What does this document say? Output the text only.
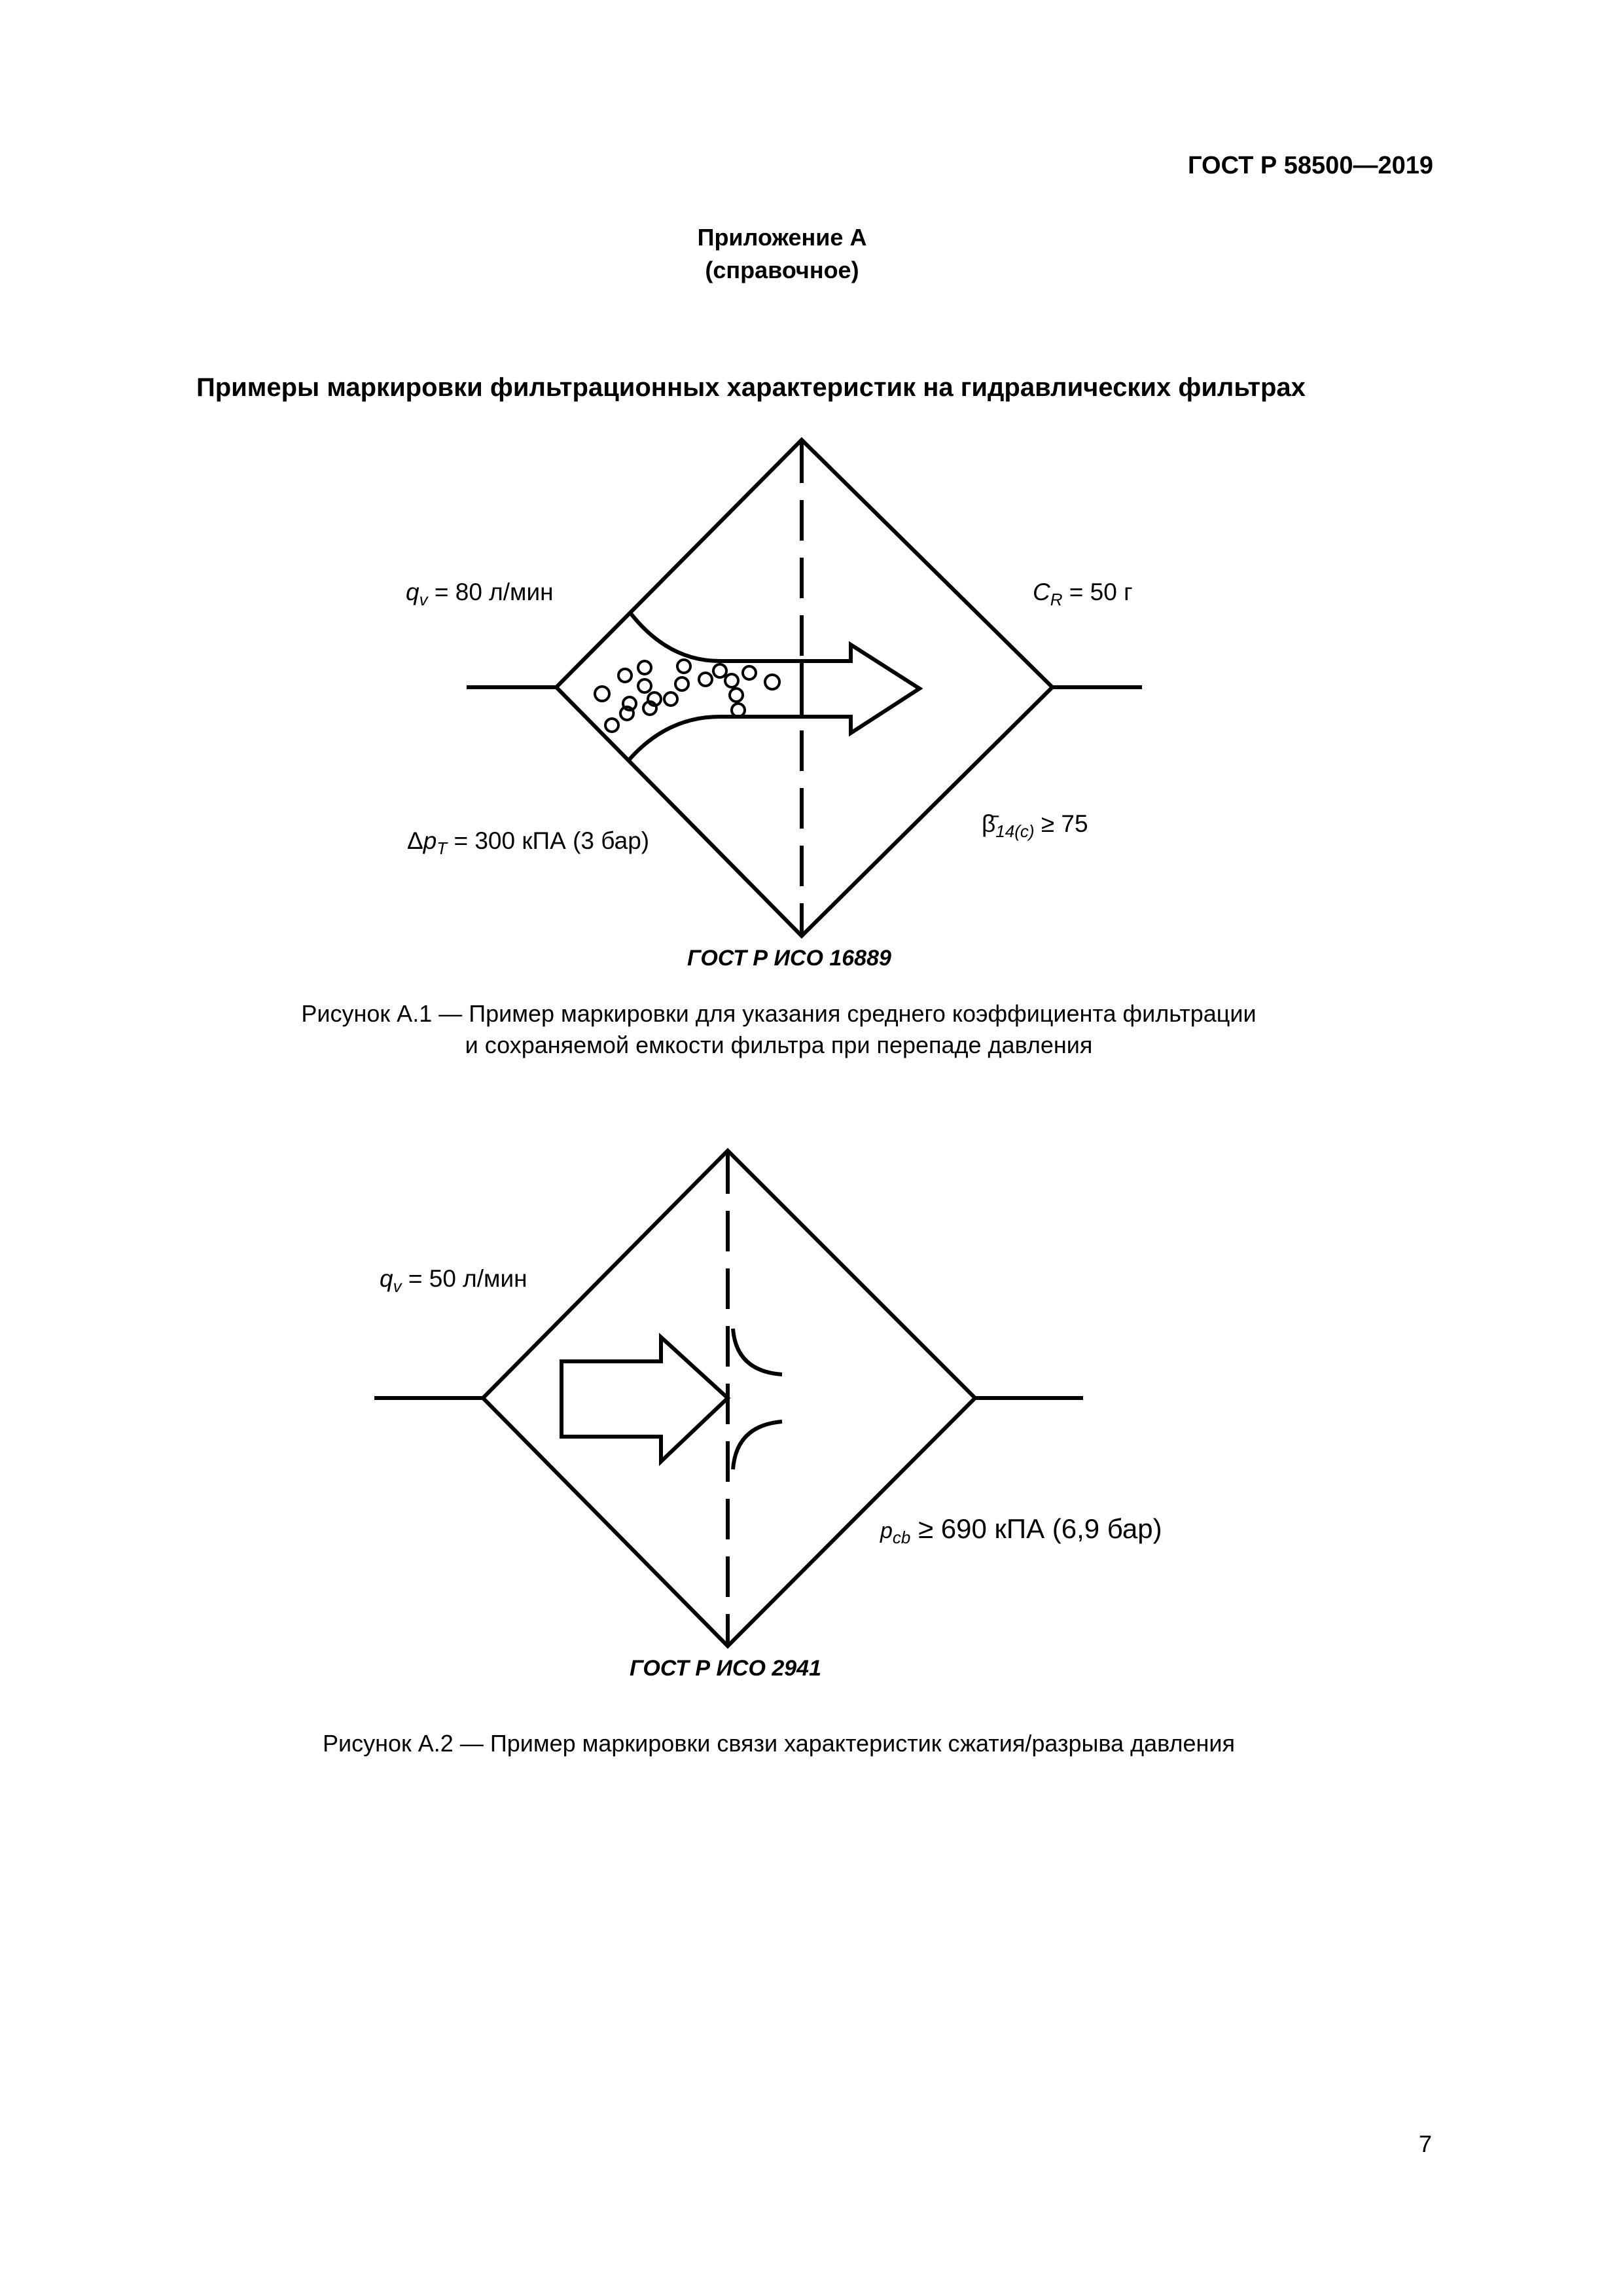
ГОСТ Р 58500—2019
Приложение А
(справочное)
Примеры маркировки фильтрационных характеристик на гидравлических фильтрах
$q_v = 80$ л/мин	$C_R = 50$ г
$\Delta p_T = 300$ кПА (3 бар)
$\betā_{14(c)} \ge 75$
ГОСТ Р ИСО 16889
Рисунок А.1 — Пример маркировки для указания среднего коэффициента фильтрации
и сохраняемой емкости фильтра при перепаде давления
$q_v = 50$ л/мин
$p_{cb} \ge 690$ кПА (6,9 бар)
ГОСТ Р ИСО 2941
Рисунок А.2 — Пример маркировки связи характеристик сжатия/разрыва давления
7
